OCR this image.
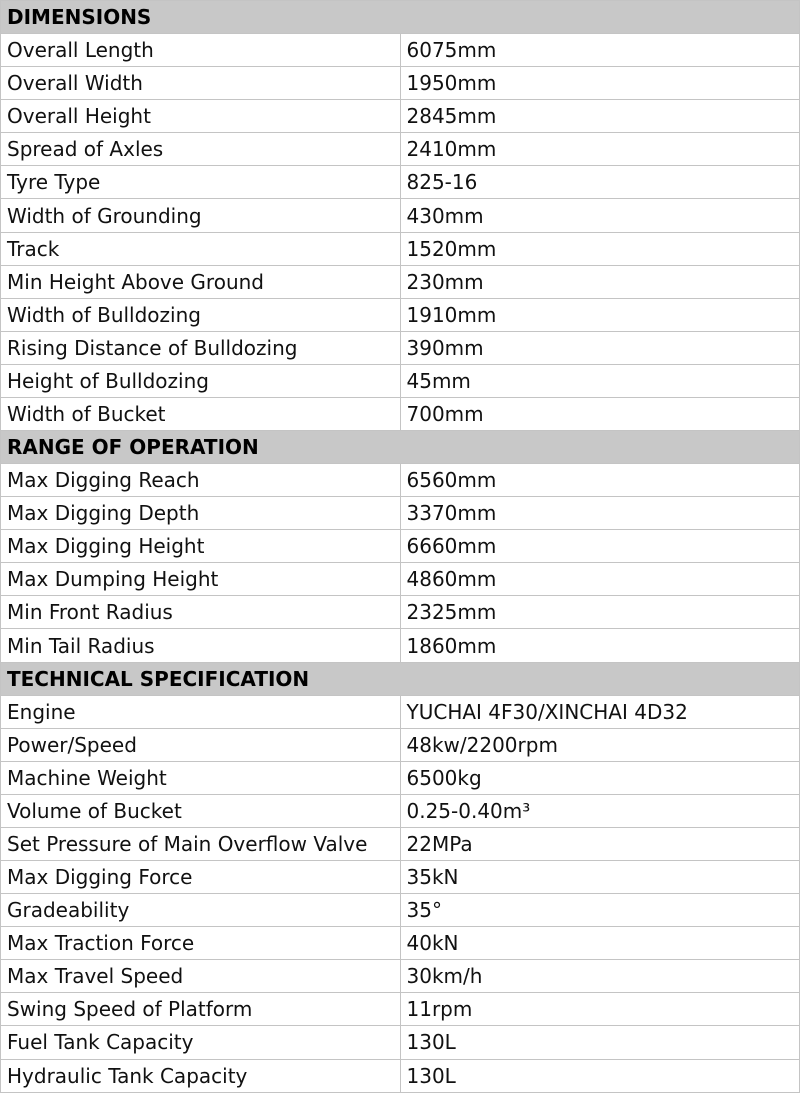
DIMENSIONS	
Overall Length	6075mm
Overall Width	1950mm
Overall Height	2845mm
Spread of Axles	2410mm
Tyre Type	825-16
Width of Grounding	430mm
Track	1520mm
Min Height Above Ground	230mm
Width of Bulldozing	1910mm
Rising Distance of Bulldozing	390mm
Height of Bulldozing	45mm
Width of Bucket	700mm
RANGE OF OPERATION	
Max Digging Reach	6560mm
Max Digging Depth	3370mm
Max Digging Height	6660mm
Max Dumping Height	4860mm
Min Front Radius	2325mm
Min Tail Radius	1860mm
TECHNICAL SPECIFICATION	
Engine	YUCHAI 4F30/XINCHAI 4D32
Power/Speed	48kw/2200rpm
Machine Weight	6500kg
Volume of Bucket	0.25-0.40m³
Set Pressure of Main Overflow Valve	22MPa
Max Digging Force	35kN
Gradeability	35°
Max Traction Force	40kN
Max Travel Speed	30km/h
Swing Speed of Platform	11rpm
Fuel Tank Capacity	130L
Hydraulic Tank Capacity	130L
